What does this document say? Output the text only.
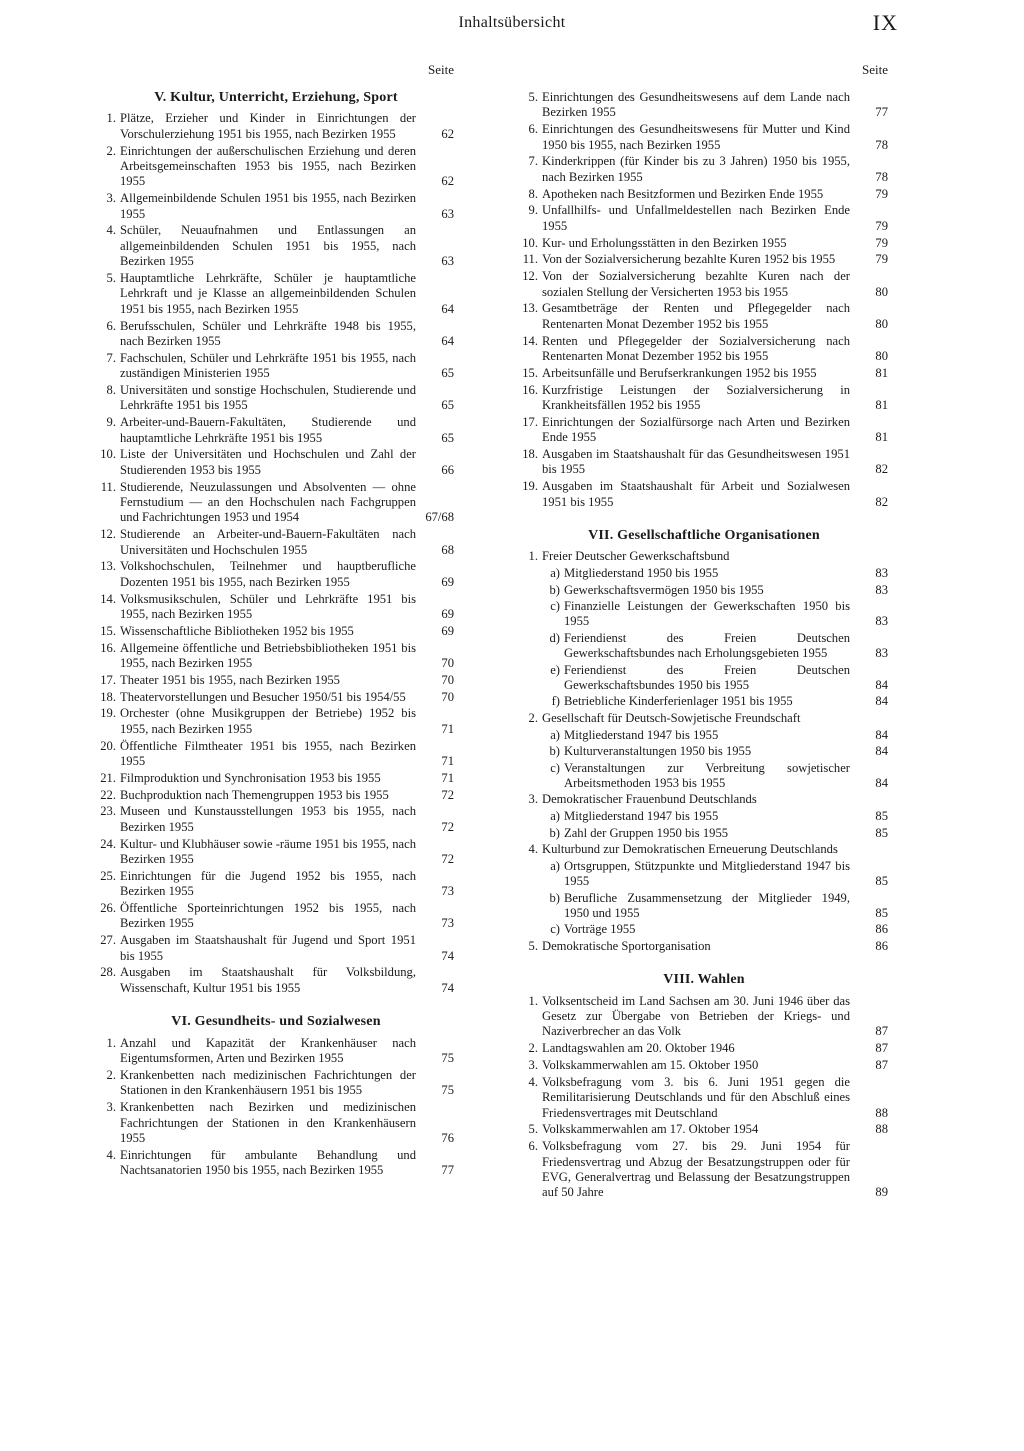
Inhaltsübersicht	IX
Seite
V. Kultur, Unterricht, Erziehung, Sport
1. Plätze, Erzieher und Kinder in Einrichtungen der Vorschulerziehung 1951 bis 1955, nach Bezirken 1955	62
2. Einrichtungen der außerschulischen Erziehung und deren Arbeitsgemeinschaften 1953 bis 1955, nach Bezirken 1955	62
3. Allgemeinbildende Schulen 1951 bis 1955, nach Bezirken 1955	63
4. Schüler, Neuaufnahmen und Entlassungen an allgemeinbildenden Schulen 1951 bis 1955, nach Bezirken 1955	63
5. Hauptamtliche Lehrkräfte, Schüler je hauptamtliche Lehrkraft und je Klasse an allgemeinbildenden Schulen 1951 bis 1955, nach Bezirken 1955	64
6. Berufsschulen, Schüler und Lehrkräfte 1948 bis 1955, nach Bezirken 1955	64
7. Fachschulen, Schüler und Lehrkräfte 1951 bis 1955, nach zuständigen Ministerien 1955	65
8. Universitäten und sonstige Hochschulen, Studierende und Lehrkräfte 1951 bis 1955	65
9. Arbeiter-und-Bauern-Fakultäten, Studierende und hauptamtliche Lehrkräfte 1951 bis 1955	65
10. Liste der Universitäten und Hochschulen und Zahl der Studierenden 1953 bis 1955	66
11. Studierende, Neuzulassungen und Absolventen — ohne Fernstudium — an den Hochschulen nach Fachgruppen und Fachrichtungen 1953 und 1954	67/68
12. Studierende an Arbeiter-und-Bauern-Fakultäten nach Universitäten und Hochschulen 1955	68
13. Volkshochschulen, Teilnehmer und hauptberufliche Dozenten 1951 bis 1955, nach Bezirken 1955	69
14. Volksmusikschulen, Schüler und Lehrkräfte 1951 bis 1955, nach Bezirken 1955	69
15. Wissenschaftliche Bibliotheken 1952 bis 1955	69
16. Allgemeine öffentliche und Betriebsbibliotheken 1951 bis 1955, nach Bezirken 1955	70
17. Theater 1951 bis 1955, nach Bezirken 1955	70
18. Theatervorstellungen und Besucher 1950/51 bis 1954/55	70
19. Orchester (ohne Musikgruppen der Betriebe) 1952 bis 1955, nach Bezirken 1955	71
20. Öffentliche Filmtheater 1951 bis 1955, nach Bezirken 1955	71
21. Filmproduktion und Synchronisation 1953 bis 1955	71
22. Buchproduktion nach Themengruppen 1953 bis 1955	72
23. Museen und Kunstausstellungen 1953 bis 1955, nach Bezirken 1955	72
24. Kultur- und Klubhäuser sowie -räume 1951 bis 1955, nach Bezirken 1955	72
25. Einrichtungen für die Jugend 1952 bis 1955, nach Bezirken 1955	73
26. Öffentliche Sporteinrichtungen 1952 bis 1955, nach Bezirken 1955	73
27. Ausgaben im Staatshaushalt für Jugend und Sport 1951 bis 1955	74
28. Ausgaben im Staatshaushalt für Volksbildung, Wissenschaft, Kultur 1951 bis 1955	74
VI. Gesundheits- und Sozialwesen
1. Anzahl und Kapazität der Krankenhäuser nach Eigentumsformen, Arten und Bezirken 1955	75
2. Krankenbetten nach medizinischen Fachrichtungen der Stationen in den Krankenhäusern 1951 bis 1955	75
3. Krankenbetten nach Bezirken und medizinischen Fachrichtungen der Stationen in den Krankenhäusern 1955	76
4. Einrichtungen für ambulante Behandlung und Nachtsanatorien 1950 bis 1955, nach Bezirken 1955	77
Seite
5. Einrichtungen des Gesundheitswesens auf dem Lande nach Bezirken 1955	77
6. Einrichtungen des Gesundheitswesens für Mutter und Kind 1950 bis 1955, nach Bezirken 1955	78
7. Kinderkrippen (für Kinder bis zu 3 Jahren) 1950 bis 1955, nach Bezirken 1955	78
8. Apotheken nach Besitzformen und Bezirken Ende 1955	79
9. Unfallhilfs- und Unfallmeldestellen nach Bezirken Ende 1955	79
10. Kur- und Erholungsstätten in den Bezirken 1955	79
11. Von der Sozialversicherung bezahlte Kuren 1952 bis 1955	79
12. Von der Sozialversicherung bezahlte Kuren nach der sozialen Stellung der Versicherten 1953 bis 1955	80
13. Gesamtbeträge der Renten und Pflegegelder nach Rentenarten Monat Dezember 1952 bis 1955	80
14. Renten und Pflegegelder der Sozialversicherung nach Rentenarten Monat Dezember 1952 bis 1955	80
15. Arbeitsunfälle und Berufserkrankungen 1952 bis 1955	81
16. Kurzfristige Leistungen der Sozialversicherung in Krankheitsfällen 1952 bis 1955	81
17. Einrichtungen der Sozialfürsorge nach Arten und Bezirken Ende 1955	81
18. Ausgaben im Staatshaushalt für das Gesundheitswesen 1951 bis 1955	82
19. Ausgaben im Staatshaushalt für Arbeit und Sozialwesen 1951 bis 1955	82
VII. Gesellschaftliche Organisationen
1. Freier Deutscher Gewerkschaftsbund
a) Mitgliederstand 1950 bis 1955	83
b) Gewerkschaftsvermögen 1950 bis 1955	83
c) Finanzielle Leistungen der Gewerkschaften 1950 bis 1955	83
d) Feriendienst des Freien Deutschen Gewerkschaftsbundes nach Erholungsgebieten 1955	83
e) Feriendienst des Freien Deutschen Gewerkschaftsbundes 1950 bis 1955	84
f) Betriebliche Kinderferienlager 1951 bis 1955	84
2. Gesellschaft für Deutsch-Sowjetische Freundschaft
a) Mitgliederstand 1947 bis 1955	84
b) Kulturveranstaltungen 1950 bis 1955	84
c) Veranstaltungen zur Verbreitung sowjetischer Arbeitsmethoden 1953 bis 1955	84
3. Demokratischer Frauenbund Deutschlands
a) Mitgliederstand 1947 bis 1955	85
b) Zahl der Gruppen 1950 bis 1955	85
4. Kulturbund zur Demokratischen Erneuerung Deutschlands
a) Ortsgruppen, Stützpunkte und Mitgliederstand 1947 bis 1955	85
b) Berufliche Zusammensetzung der Mitglieder 1949, 1950 und 1955	85
c) Vorträge 1955	86
5. Demokratische Sportorganisation	86
VIII. Wahlen
1. Volksentscheid im Land Sachsen am 30. Juni 1946 über das Gesetz zur Übergabe von Betrieben der Kriegs- und Naziverbrecher an das Volk	87
2. Landtagswahlen am 20. Oktober 1946	87
3. Volkskammerwahlen am 15. Oktober 1950	87
4. Volksbefragung vom 3. bis 6. Juni 1951 gegen die Remilitarisierung Deutschlands und für den Abschluß eines Friedensvertrages mit Deutschland	88
5. Volkskammerwahlen am 17. Oktober 1954	88
6. Volksbefragung vom 27. bis 29. Juni 1954 für Friedensvertrag und Abzug der Besatzungstruppen oder für EVG, Generalvertrag und Belassung der Besatzungstruppen auf 50 Jahre	89
